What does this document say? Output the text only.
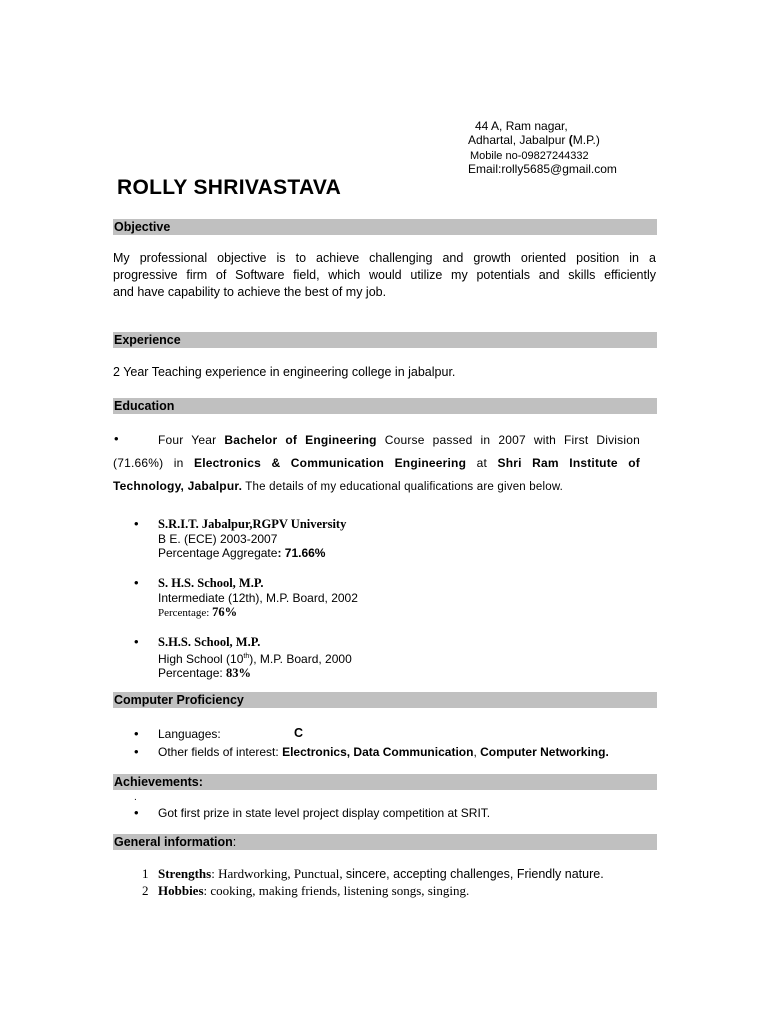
44 A, Ram nagar,
Adhartal, Jabalpur (M.P.)
Mobile no-09827244332
Email:rolly5685@gmail.com
ROLLY SHRIVASTAVA
Objective
My professional objective is to achieve challenging and growth oriented position in a
progressive firm of Software field, which would utilize my potentials and skills efficiently
and have capability to achieve the best of my job.
Experience
2 Year Teaching experience in engineering college in jabalpur.
Education
•	Four Year Bachelor of Engineering Course passed in 2007 with First Division
(71.66%) in Electronics & Communication Engineering at Shri Ram Institute of
Technology, Jabalpur. The details of my educational qualifications are given below.
• S.R.I.T. Jabalpur,RGPV University
B E. (ECE) 2003-2007
Percentage Aggregate: 71.66%
• S. H.S. School, M.P.
Intermediate (12th), M.P. Board, 2002
Percentage: 76%
• S.H.S. School, M.P.
High School (10th), M.P. Board, 2000
Percentage: 83%
Computer Proficiency
• Languages:	C
• Other fields of interest: Electronics, Data Communication, Computer Networking.
Achievements:
.
• Got first prize in state level project display competition at SRIT.
General information:
1 Strengths: Hardworking, Punctual, sincere, accepting challenges, Friendly nature.
2 Hobbies: cooking, making friends, listening songs, singing.
